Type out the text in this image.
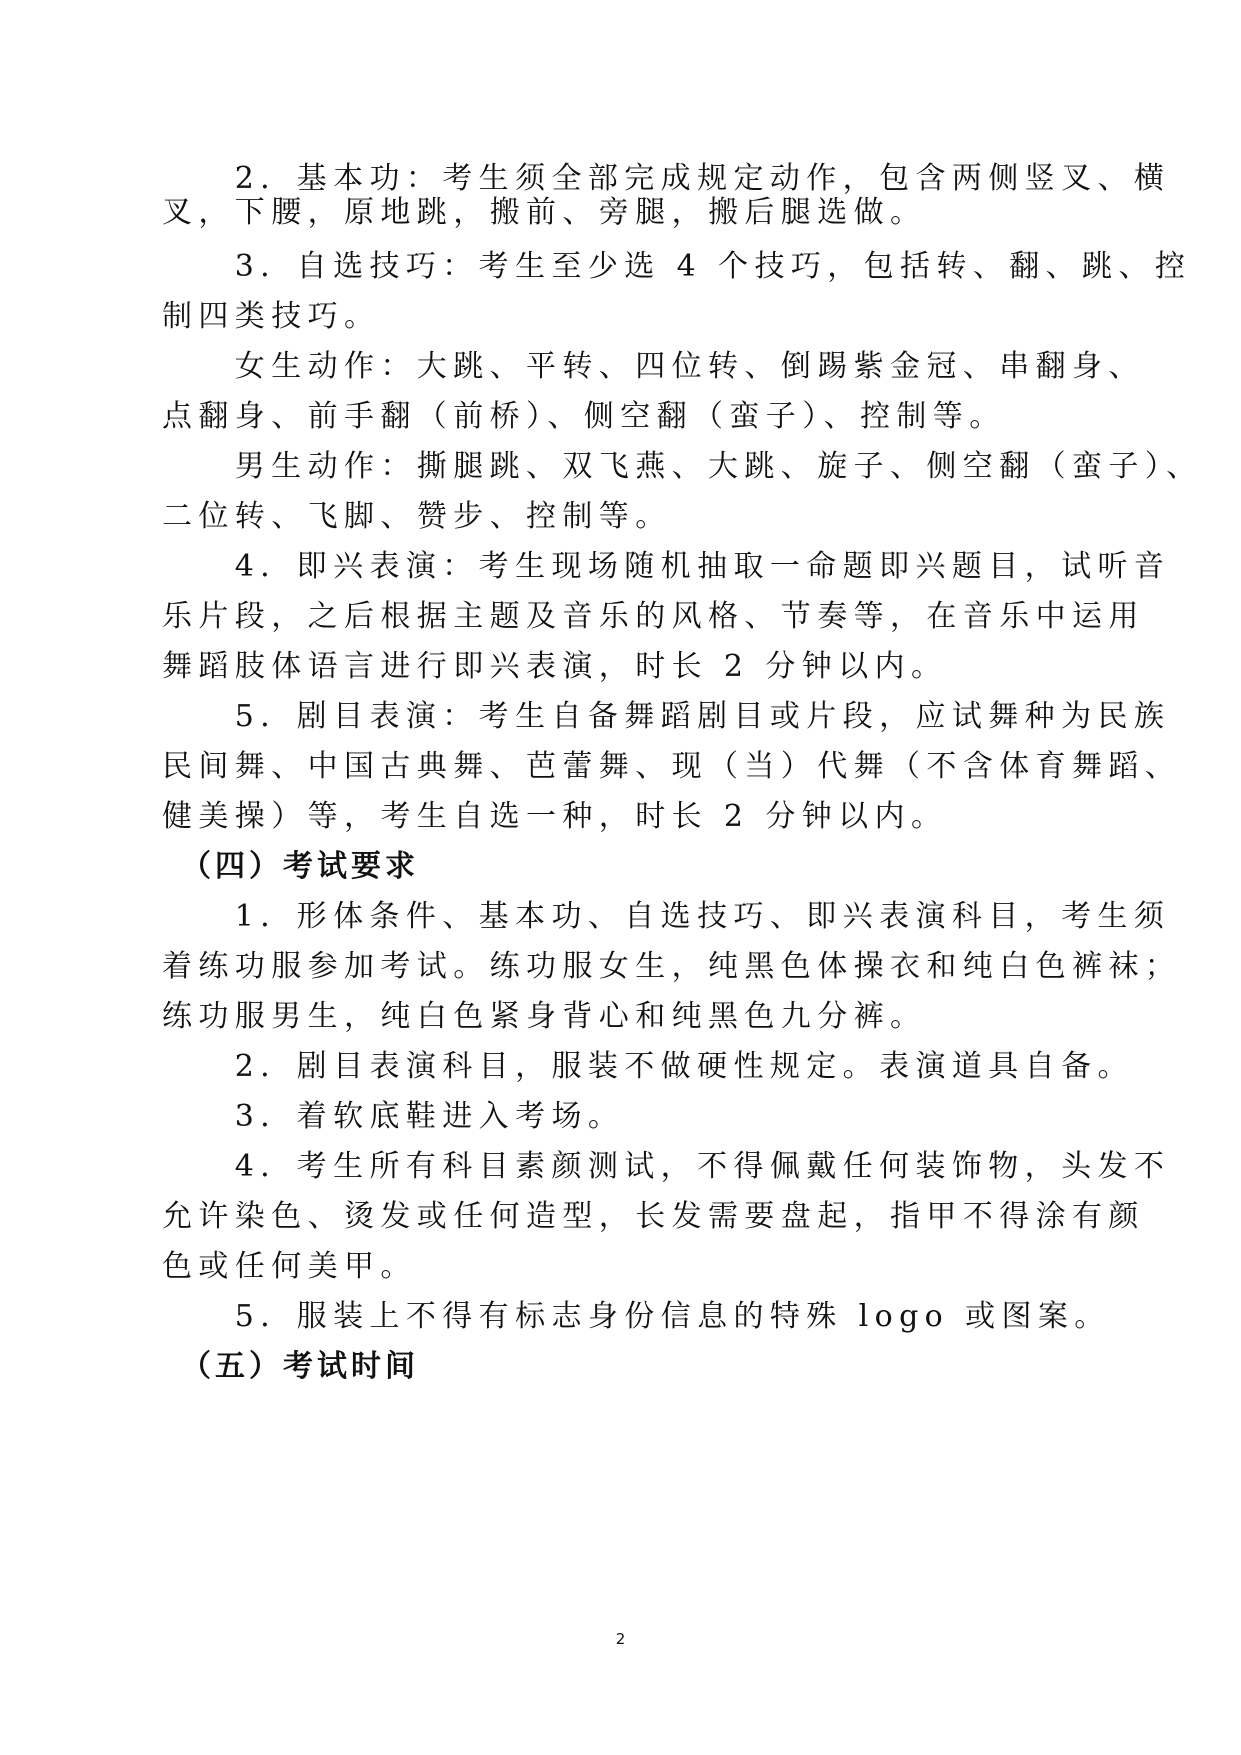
　　2．基本功：考生须全部完成规定动作，包含两侧竖叉、横
叉，下腰，原地跳，搬前、旁腿，搬后腿选做。
　　3．自选技巧：考生至少选 4 个技巧，包括转、翻、跳、控
制四类技巧。
　　女生动作：大跳、平转、四位转、倒踢紫金冠、串翻身、
点翻身、前手翻（前桥）、侧空翻（蛮子）、控制等。
　　男生动作：撕腿跳、双飞燕、大跳、旋子、侧空翻（蛮子）、
二位转、飞脚、赞步、控制等。
　　4．即兴表演：考生现场随机抽取一命题即兴题目，试听音
乐片段，之后根据主题及音乐的风格、节奏等，在音乐中运用
舞蹈肢体语言进行即兴表演，时长 2 分钟以内。
　　5．剧目表演：考生自备舞蹈剧目或片段，应试舞种为民族
民间舞、中国古典舞、芭蕾舞、现（当）代舞（不含体育舞蹈、
健美操）等，考生自选一种，时长 2 分钟以内。
　（四）考试要求
　　1．形体条件、基本功、自选技巧、即兴表演科目，考生须
着练功服参加考试。练功服女生，纯黑色体操衣和纯白色裤袜；
练功服男生，纯白色紧身背心和纯黑色九分裤。
　　2．剧目表演科目，服装不做硬性规定。表演道具自备。
　　3．着软底鞋进入考场。
　　4．考生所有科目素颜测试，不得佩戴任何装饰物，头发不
允许染色、烫发或任何造型，长发需要盘起，指甲不得涂有颜
色或任何美甲。
　　5．服装上不得有标志身份信息的特殊 logo 或图案。
　（五）考试时间
2
